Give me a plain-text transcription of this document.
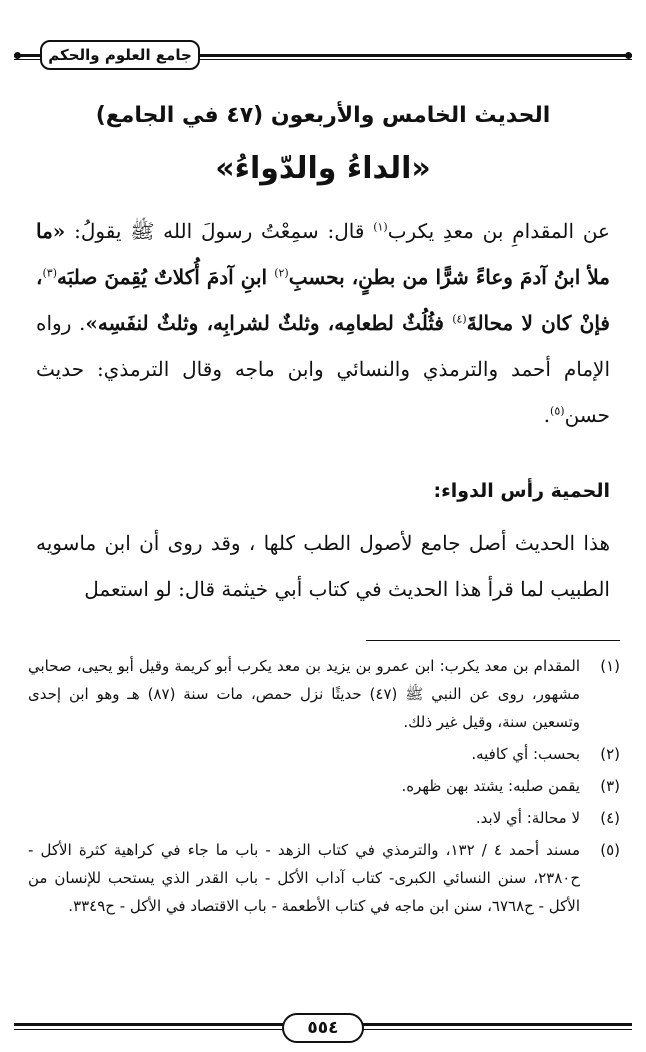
جامع العلوم والحكم
الحديث الخامس والأربعون (٤٧ في الجامع)
«الداءُ والدّواءُ»
عن المقدامِ بن معدِ يكرب$^{(١)}$ قال: سمِعْتُ رسولَ الله ﷺ يقولُ: «ما ملأ ابنُ آدمَ وعاءً شرًّا من بطنٍ، بحسبِ$^{(٢)}$ ابنِ آدمَ أُكلاتٌ يُقِمنَ صلبَه$^{(٣)}$، فإنْ كان لا محالةَ$^{(٤)}$ فثُلُثٌ لطعامِه، وثلثٌ لشرابِه، وثلثٌ لنفَسِه». رواه الإمام أحمد والترمذي والنسائي وابن ماجه وقال الترمذي: حديث حسن$^{(٥)}$.
الحمية رأس الدواء:
هذا الحديث أصل جامع لأصول الطب كلها ، وقد روى أن ابن ماسويه الطبيب لما قرأ هذا الحديث في كتاب أبي خيثمة قال: لو استعمل
(١)
المقدام بن معد يكرب: ابن عمرو بن يزيد بن معد يكرب أبو كريمة وقيل أبو يحيى، صحابي مشهور، روى عن النبي ﷺ (٤٧) حديثًا نزل حمص، مات سنة (٨٧) هـ وهو ابن إحدى وتسعين سنة، وقيل غير ذلك.
(٢)
بحسب: أي كافيه.
(٣)
يقمن صلبه: يشتد بهن ظهره.
(٤)
لا محالة: أي لابد.
(٥)
مسند أحمد ٤ / ١٣٢، والترمذي في كتاب الزهد - باب ما جاء في كراهية كثرة الأكل - ح٢٣٨٠، سنن النسائي الكبرى- كتاب آداب الأكل - باب القدر الذي يستحب للإنسان من الأكل - ح٦٧٦٨، سنن ابن ماجه في كتاب الأطعمة - باب الاقتصاد في الأكل - ح٣٣٤٩.
٥٥٤
